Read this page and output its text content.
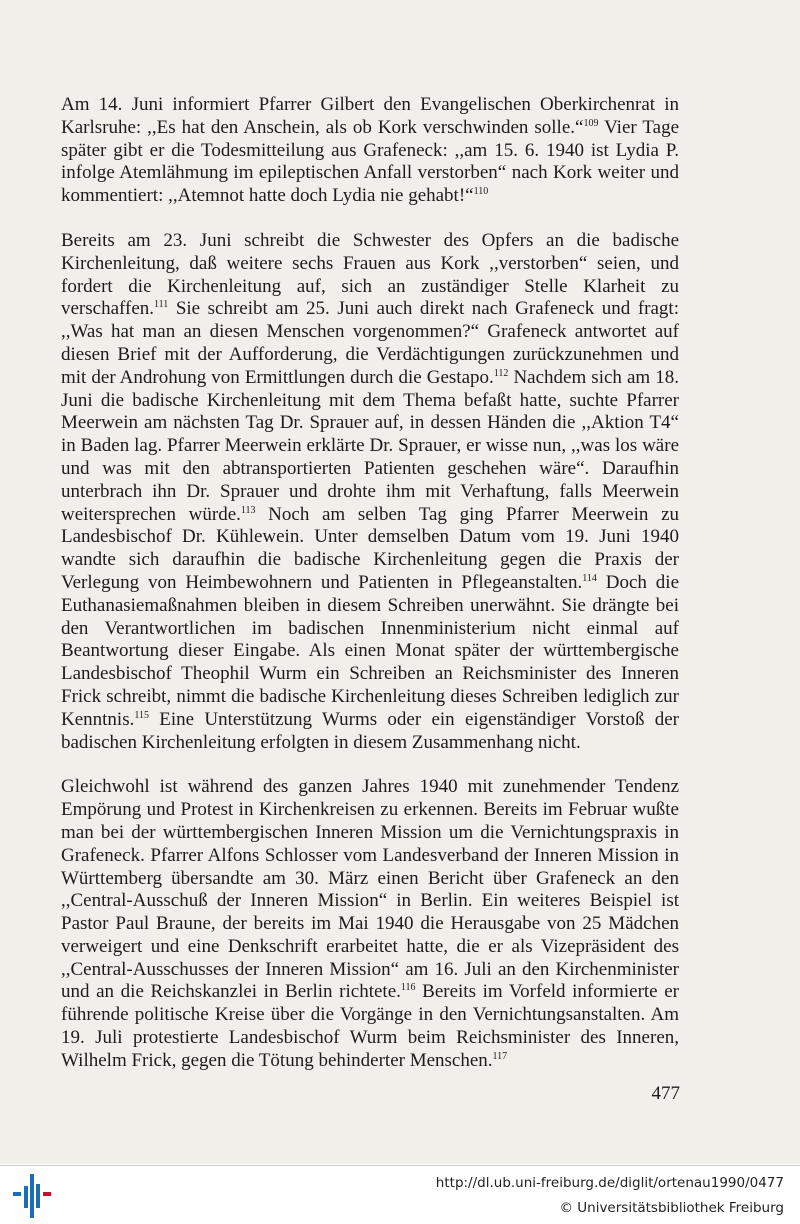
Am 14. Juni informiert Pfarrer Gilbert den Evangelischen Oberkirchenrat in Karlsruhe: ,,Es hat den Anschein, als ob Kork verschwinden solle.“$^{109}$ Vier Tage später gibt er die Todesmitteilung aus Grafeneck: ,,am 15. 6. 1940 ist Lydia P. infolge Atemlähmung im epileptischen Anfall verstorben“ nach Kork weiter und kommentiert: ,,Atemnot hatte doch Lydia nie gehabt!“$^{110}$

Bereits am 23. Juni schreibt die Schwester des Opfers an die badische Kirchenleitung, daß weitere sechs Frauen aus Kork ,,verstorben“ seien, und fordert die Kirchenleitung auf, sich an zuständiger Stelle Klarheit zu verschaffen.$^{111}$ Sie schreibt am 25. Juni auch direkt nach Grafeneck und fragt: ,,Was hat man an diesen Menschen vorgenommen?“ Grafeneck antwortet auf diesen Brief mit der Aufforderung, die Verdächtigungen zurückzunehmen und mit der Androhung von Ermittlungen durch die Gestapo.$^{112}$ Nachdem sich am 18. Juni die badische Kirchenleitung mit dem Thema befaßt hatte, suchte Pfarrer Meerwein am nächsten Tag Dr. Sprauer auf, in dessen Händen die ,,Aktion T4“ in Baden lag. Pfarrer Meerwein erklärte Dr. Sprauer, er wisse nun, ,,was los wäre und was mit den abtransportierten Patienten geschehen wäre“. Daraufhin unterbrach ihn Dr. Sprauer und drohte ihm mit Verhaftung, falls Meerwein weitersprechen würde.$^{113}$ Noch am selben Tag ging Pfarrer Meerwein zu Landesbischof Dr. Kühlewein. Unter demselben Datum vom 19. Juni 1940 wandte sich daraufhin die badische Kirchenleitung gegen die Praxis der Verlegung von Heimbewohnern und Patienten in Pflegeanstalten.$^{114}$ Doch die Euthanasiemaßnahmen bleiben in diesem Schreiben unerwähnt. Sie drängte bei den Verantwortlichen im badischen Innenministerium nicht einmal auf Beantwortung dieser Eingabe. Als einen Monat später der württembergische Landesbischof Theophil Wurm ein Schreiben an Reichsminister des Inneren Frick schreibt, nimmt die badische Kirchenleitung dieses Schreiben lediglich zur Kenntnis.$^{115}$ Eine Unterstützung Wurms oder ein eigenständiger Vorstoß der badischen Kirchenleitung erfolgten in diesem Zusammenhang nicht.

Gleichwohl ist während des ganzen Jahres 1940 mit zunehmender Tendenz Empörung und Protest in Kirchenkreisen zu erkennen. Bereits im Februar wußte man bei der württembergischen Inneren Mission um die Vernichtungspraxis in Grafeneck. Pfarrer Alfons Schlosser vom Landesverband der Inneren Mission in Württemberg übersandte am 30. März einen Bericht über Grafeneck an den ,,Central-Ausschuß der Inneren Mission“ in Berlin. Ein weiteres Beispiel ist Pastor Paul Braune, der bereits im Mai 1940 die Herausgabe von 25 Mädchen verweigert und eine Denkschrift erarbeitet hatte, die er als Vizepräsident des ,,Central-Ausschusses der Inneren Mission“ am 16. Juli an den Kirchenminister und an die Reichskanzlei in Berlin richtete.$^{116}$ Bereits im Vorfeld informierte er führende politische Kreise über die Vorgänge in den Vernichtungsanstalten. Am 19. Juli protestierte Landesbischof Wurm beim Reichsminister des Inneren, Wilhelm Frick, gegen die Tötung behinderter Menschen.$^{117}$

477
http://dl.ub.uni-freiburg.de/diglit/ortenau1990/0477
© Universitätsbibliothek Freiburg
